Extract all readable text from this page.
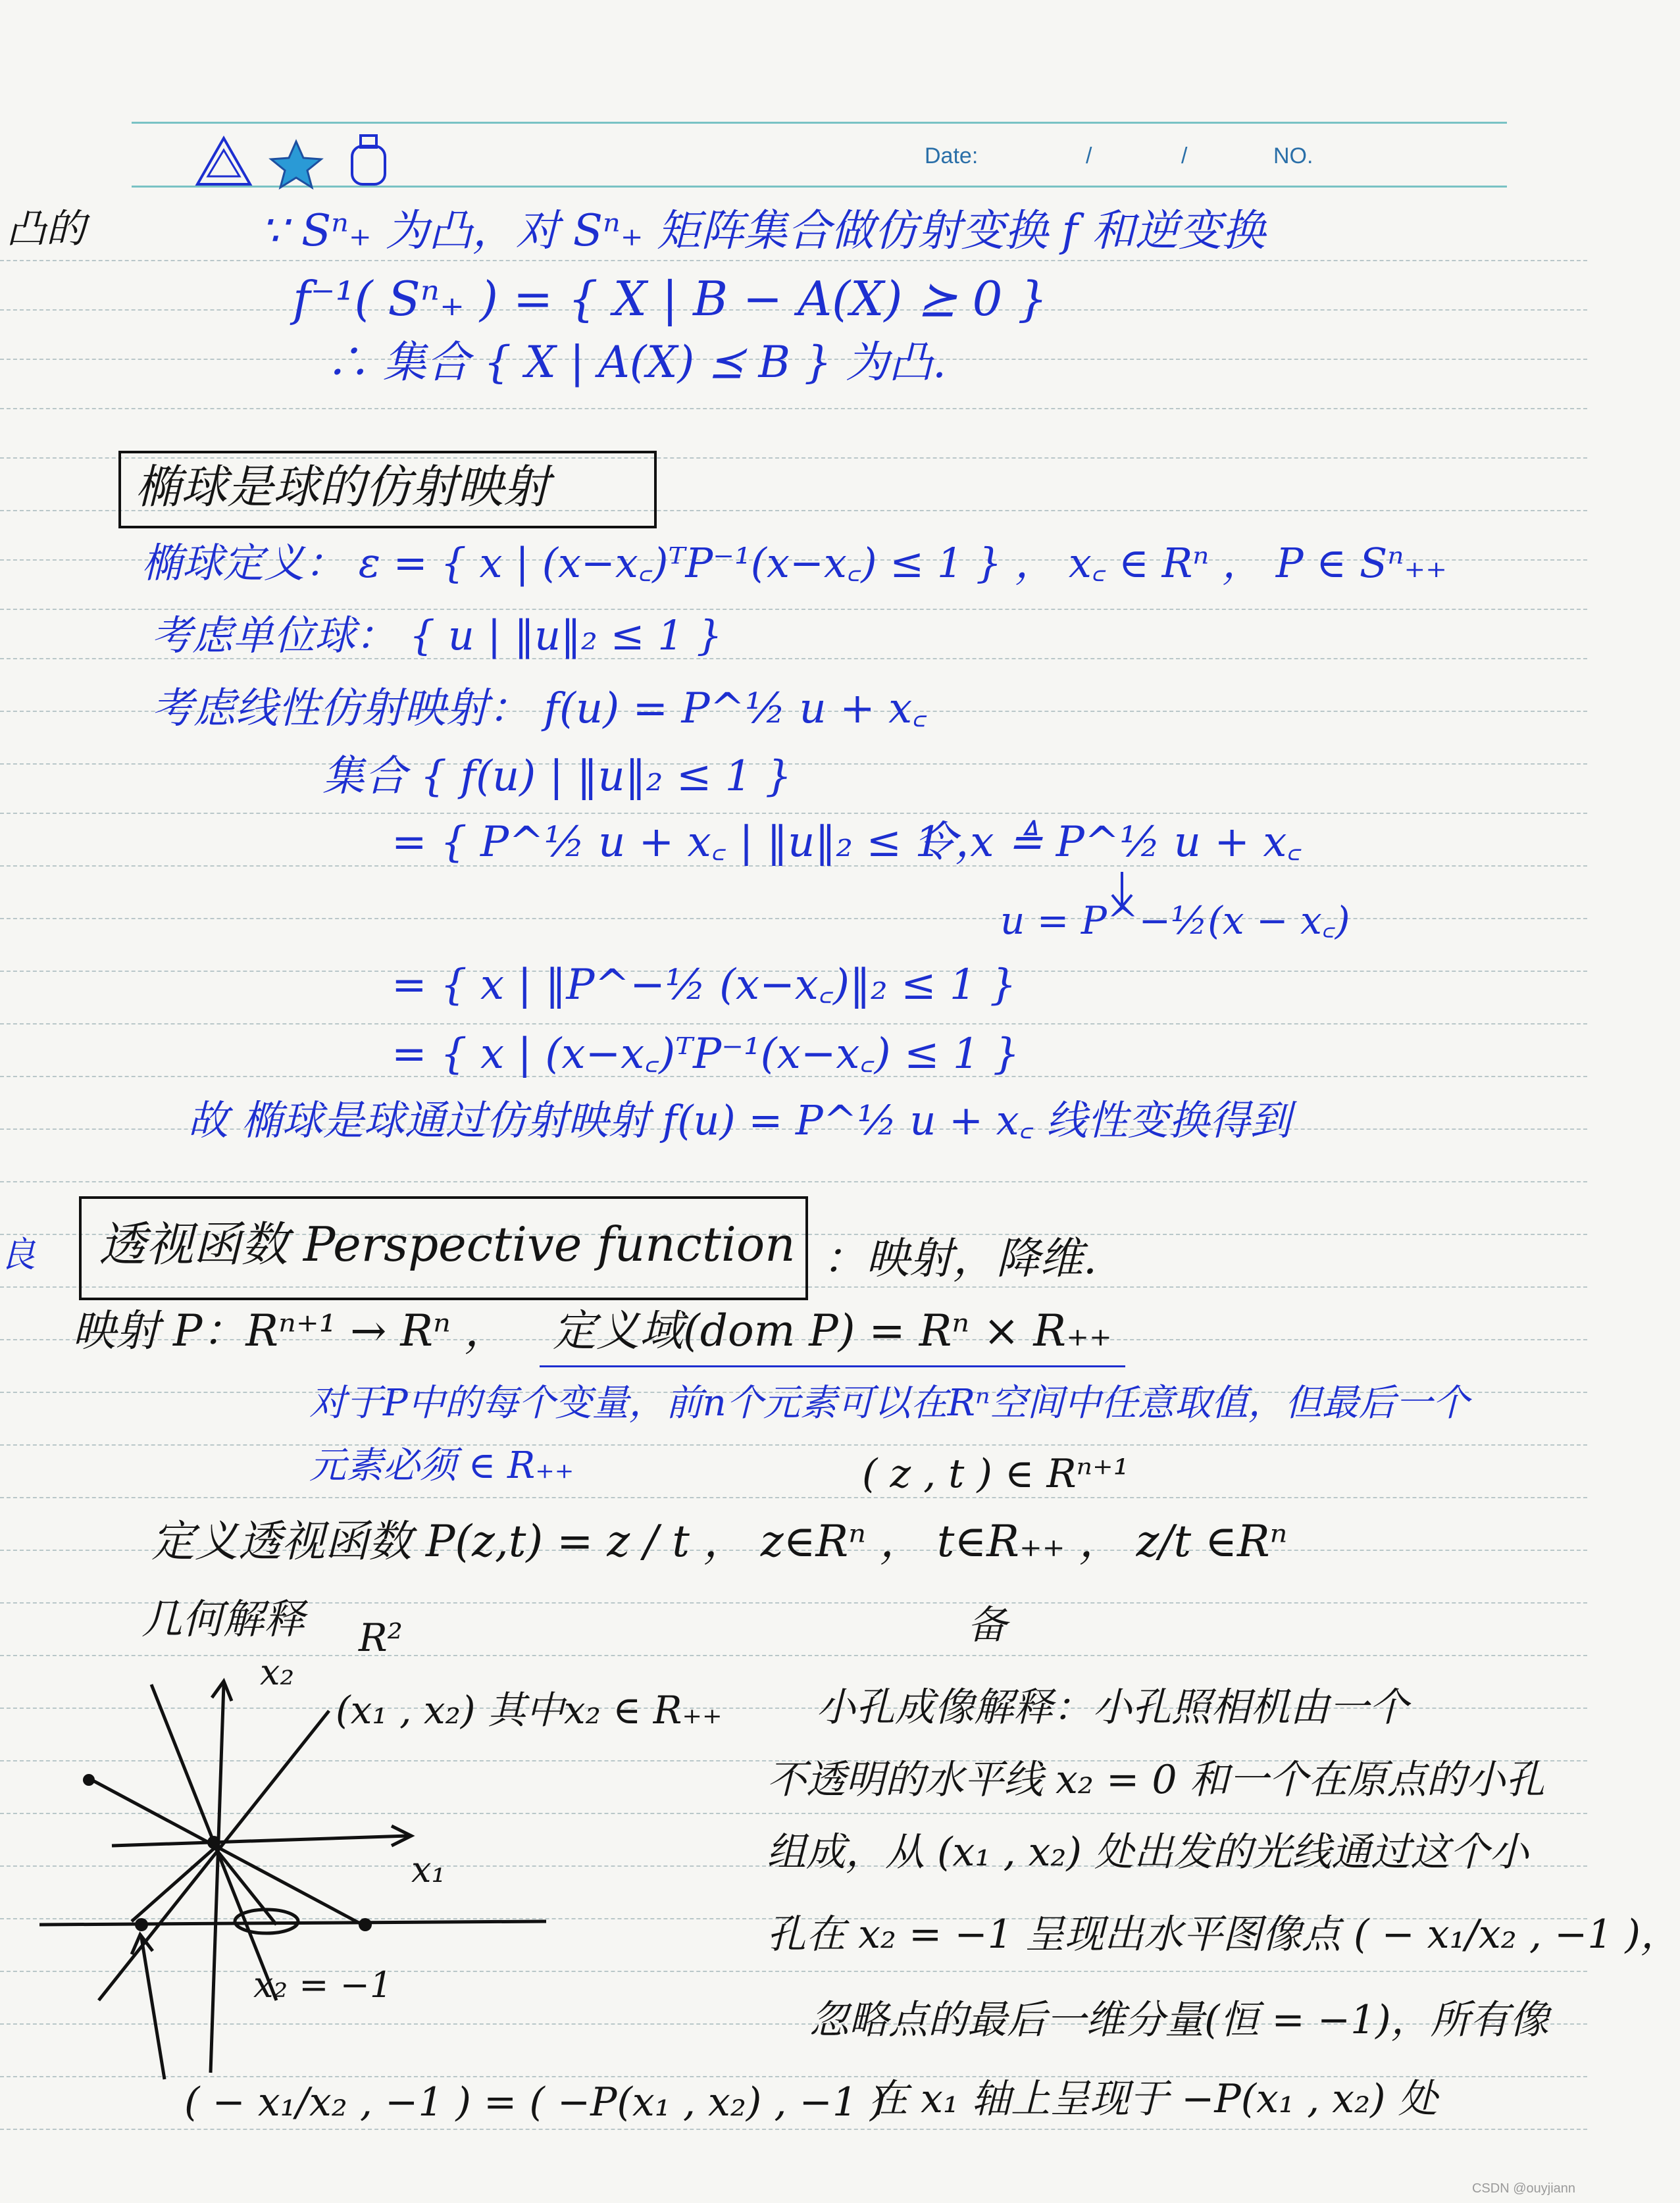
Date:	/	/	NO.
凸的
良
∵ Sⁿ₊ 为凸，对 Sⁿ₊ 矩阵集合做仿射变换 f 和逆变换
f⁻¹( Sⁿ₊ ) = { X | B − A(X) ⪰ 0 }
∴ 集合 { X | A(X) ⪯ B } 为凸.
椭球是球的仿射映射
椭球定义： ε = { x | (x−x꜀)ᵀP⁻¹(x−x꜀) ≤ 1 } ， x꜀ ∈ Rⁿ ， P ∈ Sⁿ₊₊
考虑单位球： { u | ‖u‖₂ ≤ 1 }
考虑线性仿射映射： f(u) = P^½ u + x꜀
集合 { f(u) | ‖u‖₂ ≤ 1 }
= { P^½ u + x꜀ | ‖u‖₂ ≤ 1 ，
令 x ≜ P^½ u + x꜀
u = P^−½(x − x꜀)
= { x | ‖P^−½ (x−x꜀)‖₂ ≤ 1 }
= { x | (x−x꜀)ᵀP⁻¹(x−x꜀) ≤ 1 }
故 椭球是球通过仿射映射 f(u) = P^½ u + x꜀ 线性变换得到
透视函数 Perspective function ：映射，降维.
映射 P：Rⁿ⁺¹ → Rⁿ ， 定义域(dom P) = Rⁿ × R₊₊
对于P中的每个变量，前n个元素可以在Rⁿ空间中任意取值，但最后一个
元素必须 ∈ R₊₊	( z , t ) ∈ Rⁿ⁺¹
定义透视函数 P(z,t) = z / t ， z∈Rⁿ ， t∈R₊₊ ， z/t ∈Rⁿ
几何解释 R²	备
x₂
x₁
(x₁ , x₂) 其中x₂ ∈ R₊₊
x₂ = −1
( − x₁/x₂ , −1 ) = ( −P(x₁ , x₂) , −1 )
小孔成像解释：小孔照相机由一个
不透明的水平线 x₂ = 0 和一个在原点的小孔
组成，从 (x₁ , x₂) 处出发的光线通过这个小
孔在 x₂ = −1 呈现出水平图像点 ( − x₁/x₂ , −1 )，
忽略点的最后一维分量(恒 = −1)，所有像
在 x₁ 轴上呈现于 −P(x₁ , x₂) 处
CSDN @ouyjiann
